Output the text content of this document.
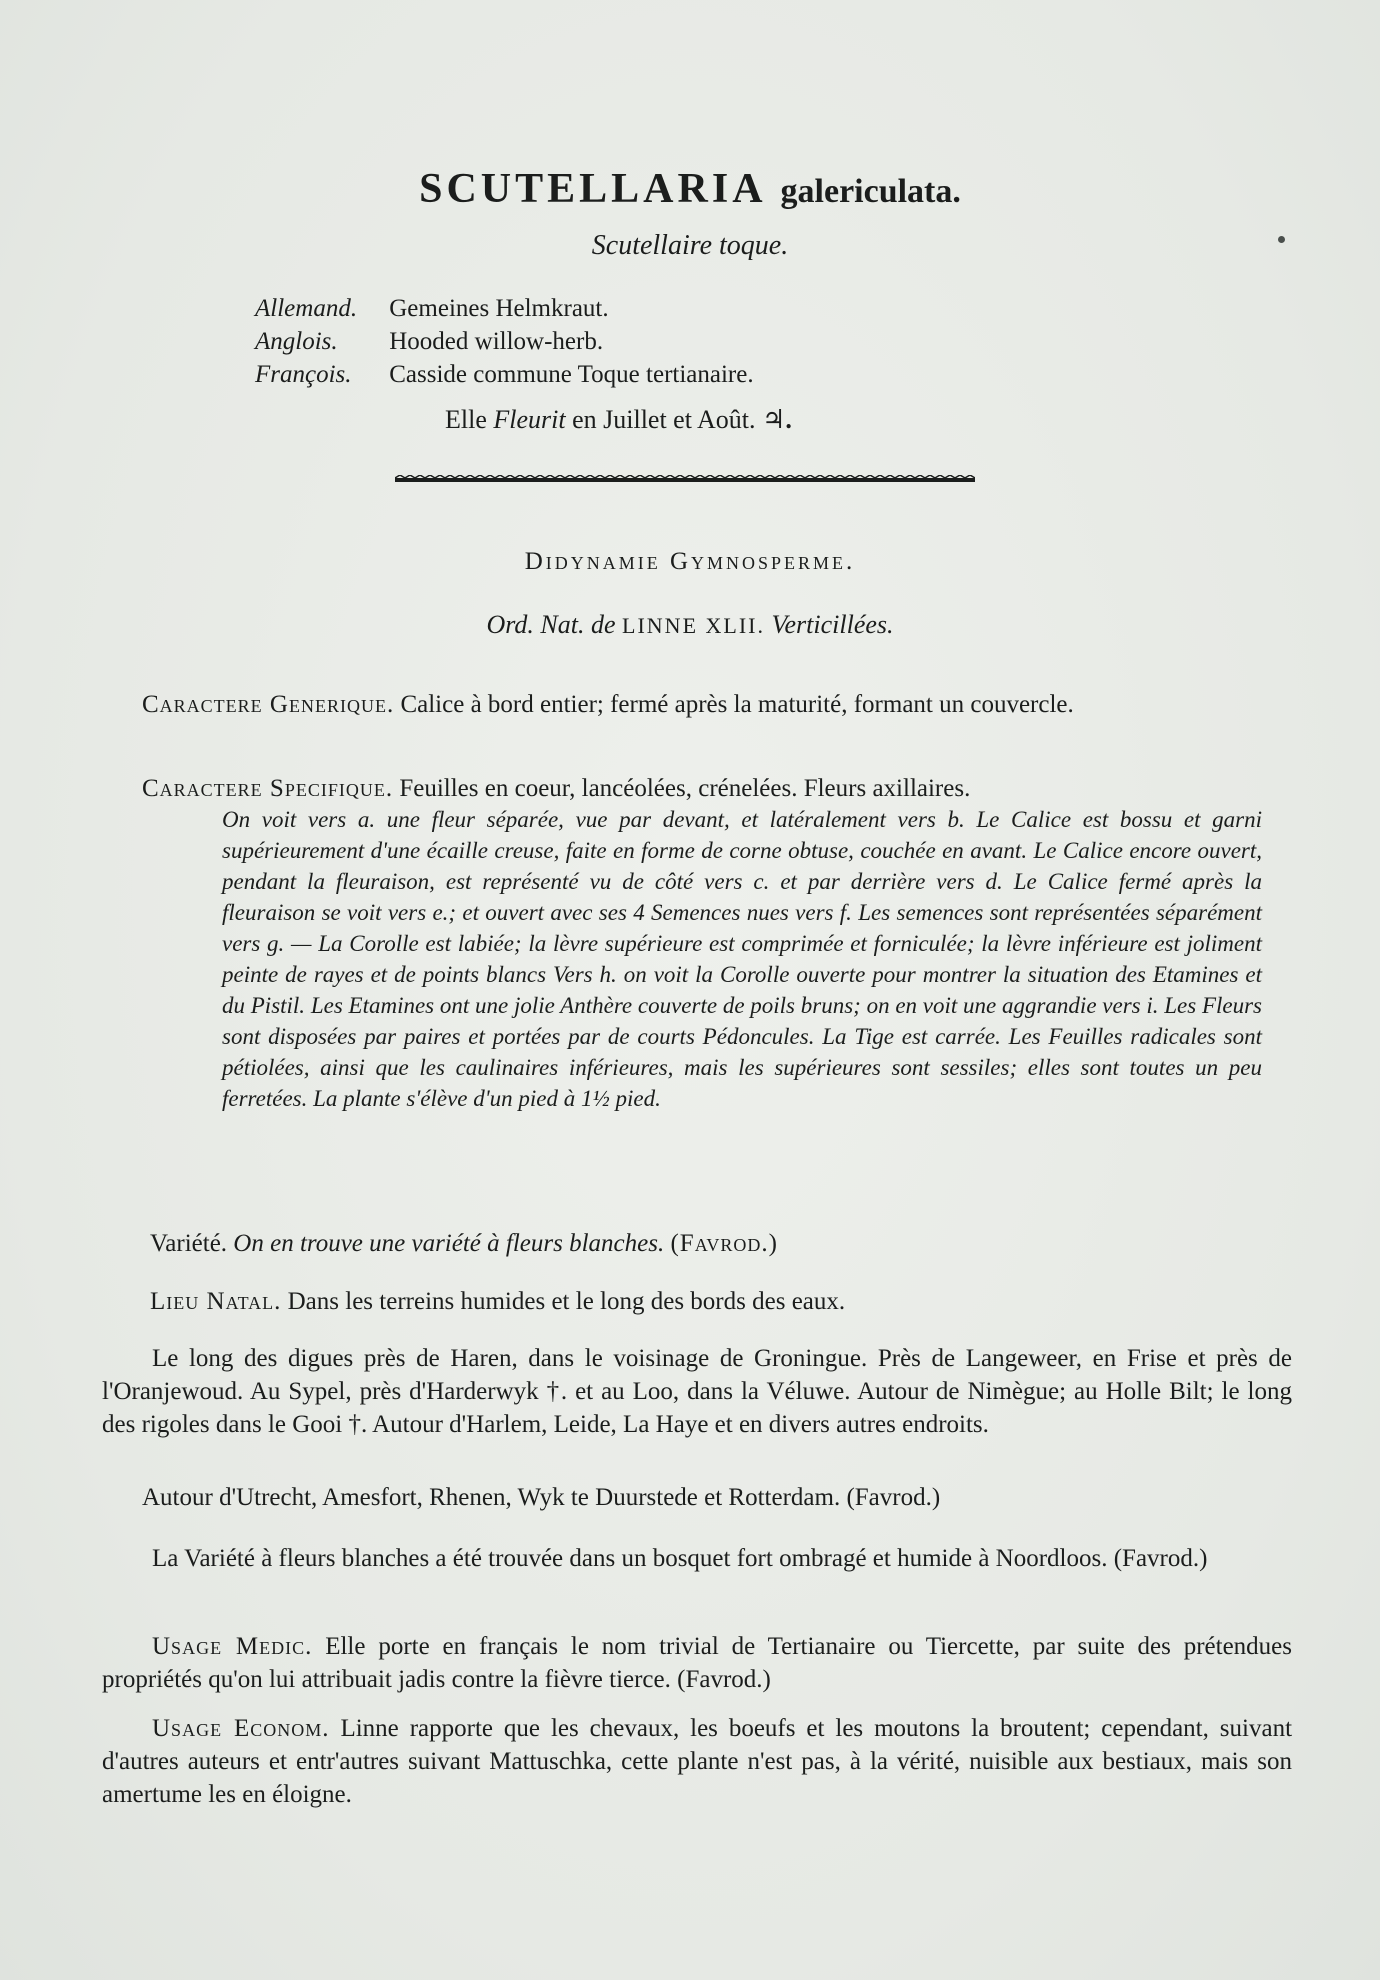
SCUTELLARIA galericulata.
Scutellaire toque.
Allemand. Gemeines Helmkraut.
Anglois. Hooded willow-herb.
François. Casside commune Toque tertianaire.
Elle Fleurit en Juillet et Août. ♃.
Didynamie Gymnosperme.
Ord. Nat. de LINNE XLII. Verticillées.
Caractere Generique. Calice à bord entier; fermé après la maturité, formant un couvercle.
Caractere Specifique. Feuilles en coeur, lancéolées, crénelées. Fleurs axillaires.
On voit vers a. une fleur séparée, vue par devant, et latéralement vers b. Le Calice est bossu et garni supérieurement d'une écaille creuse, faite en forme de corne obtuse, couchée en avant. Le Calice encore ouvert, pendant la fleuraison, est représenté vu de côté vers c. et par derrière vers d. Le Calice fermé après la fleuraison se voit vers e.; et ouvert avec ses 4 Semences nues vers f. Les semences sont représentées séparément vers g. — La Corolle est labiée; la lèvre supérieure est comprimée et forniculée; la lèvre inférieure est joliment peinte de rayes et de points blancs Vers h. on voit la Corolle ouverte pour montrer la situation des Etamines et du Pistil. Les Etamines ont une jolie Anthère couverte de poils bruns; on en voit une aggrandie vers i. Les Fleurs sont disposées par paires et portées par de courts Pédoncules. La Tige est carrée. Les Feuilles radicales sont pétiolées, ainsi que les caulinaires inférieures, mais les supérieures sont sessiles; elles sont toutes un peu ferretées. La plante s'élève d'un pied à 1½ pied.
Variété. On en trouve une variété à fleurs blanches. (Favrod.)
Lieu Natal. Dans les terreins humides et le long des bords des eaux.
Le long des digues près de Haren, dans le voisinage de Groningue. Près de Langeweer, en Frise et près de l'Oranjewoud. Au Sypel, près d'Harderwyk †. et au Loo, dans la Véluwe. Autour de Nimègue; au Holle Bilt; le long des rigoles dans le Gooi †. Autour d'Harlem, Leide, La Haye et en divers autres endroits.
Autour d'Utrecht, Amesfort, Rhenen, Wyk te Duurstede et Rotterdam. (Favrod.)
La Variété à fleurs blanches a été trouvée dans un bosquet fort ombragé et humide à Noordloos. (Favrod.)
Usage Medic. Elle porte en français le nom trivial de Tertianaire ou Tiercette, par suite des prétendues propriétés qu'on lui attribuait jadis contre la fièvre tierce. (Favrod.)
Usage Econom. Linne rapporte que les chevaux, les boeufs et les moutons la broutent; cependant, suivant d'autres auteurs et entr'autres suivant Mattuschka, cette plante n'est pas, à la vérité, nuisible aux bestiaux, mais son amertume les en éloigne.
